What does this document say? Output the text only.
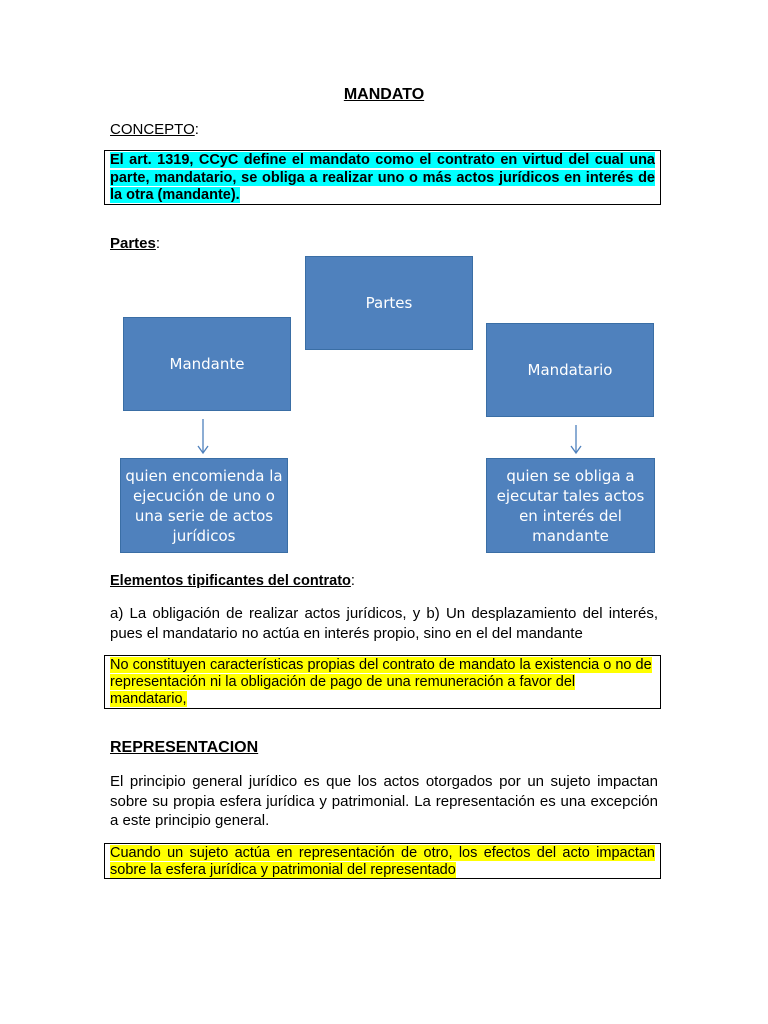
MANDATO
CONCEPTO:
El art. 1319, CCyC define el mandato como el contrato en virtud del cual una parte, mandatario, se obliga a realizar uno o más actos jurídicos en interés de la otra (mandante).
Partes:
Partes
Mandante	Mandatario
quien encomienda la ejecución de uno o una serie de actos jurídicos
quien se obliga a ejecutar tales actos en interés del mandante
Elementos tipificantes del contrato:
a) La obligación de realizar actos jurídicos, y b) Un desplazamiento del interés, pues el mandatario no actúa en interés propio, sino en el del mandante
No constituyen características propias del contrato de mandato la existencia o no de representación ni la obligación de pago de una remuneración a favor del mandatario,
REPRESENTACION
El principio general jurídico es que los actos otorgados por un sujeto impactan sobre su propia esfera jurídica y patrimonial. La representación es una excepción a este principio general.
Cuando un sujeto actúa en representación de otro, los efectos del acto impactan sobre la esfera jurídica y patrimonial del representado
